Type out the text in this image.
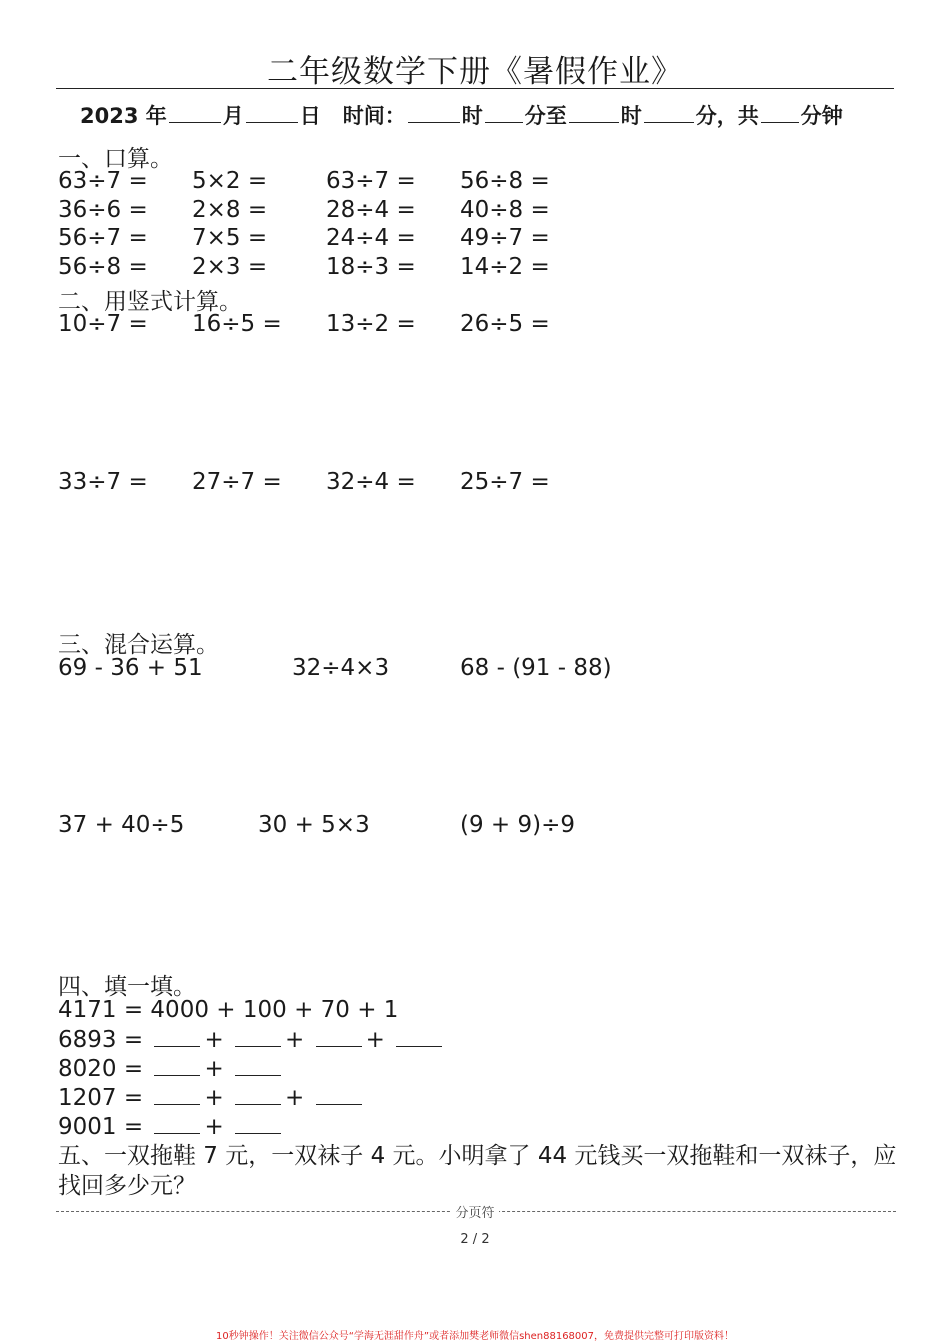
二年级数学下册《暑假作业》
2023 年	月	日 时间：	时 分至	时	分，共 分钟
一、口算。
63÷7 = 5×2 =	63÷7 = 56÷8 =
36÷6 = 2×8 =	28÷4 = 40÷8 =
56÷7 = 7×5 =	24÷4 = 49÷7 =
56÷8 = 2×3 =	18÷3 = 14÷2 =
二、用竖式计算。
10÷7 = 16÷5 = 13÷2 = 26÷5 =
33÷7 = 27÷7 = 32÷4 = 25÷7 =
三、混合运算。
69 - 36 + 51	32÷4×3	68 - (91 - 88)
37 + 40÷5	30 + 5×3	(9 + 9)÷9
四、填一填。
4171 = 4000 + 100 + 70 + 1
6893 =	+	+	+
8020 =	+
1207 =	+	+
9001 =	+
五、一双拖鞋 7 元，一双袜子 4 元。小明拿了 44 元钱买一双拖鞋和一双袜子，应找回多少元？
分页符
2 / 2
10秒钟操作！关注微信公众号“学海无涯甜作舟”或者添加樊老师微信shen88168007，免费提供完整可打印版资料！
